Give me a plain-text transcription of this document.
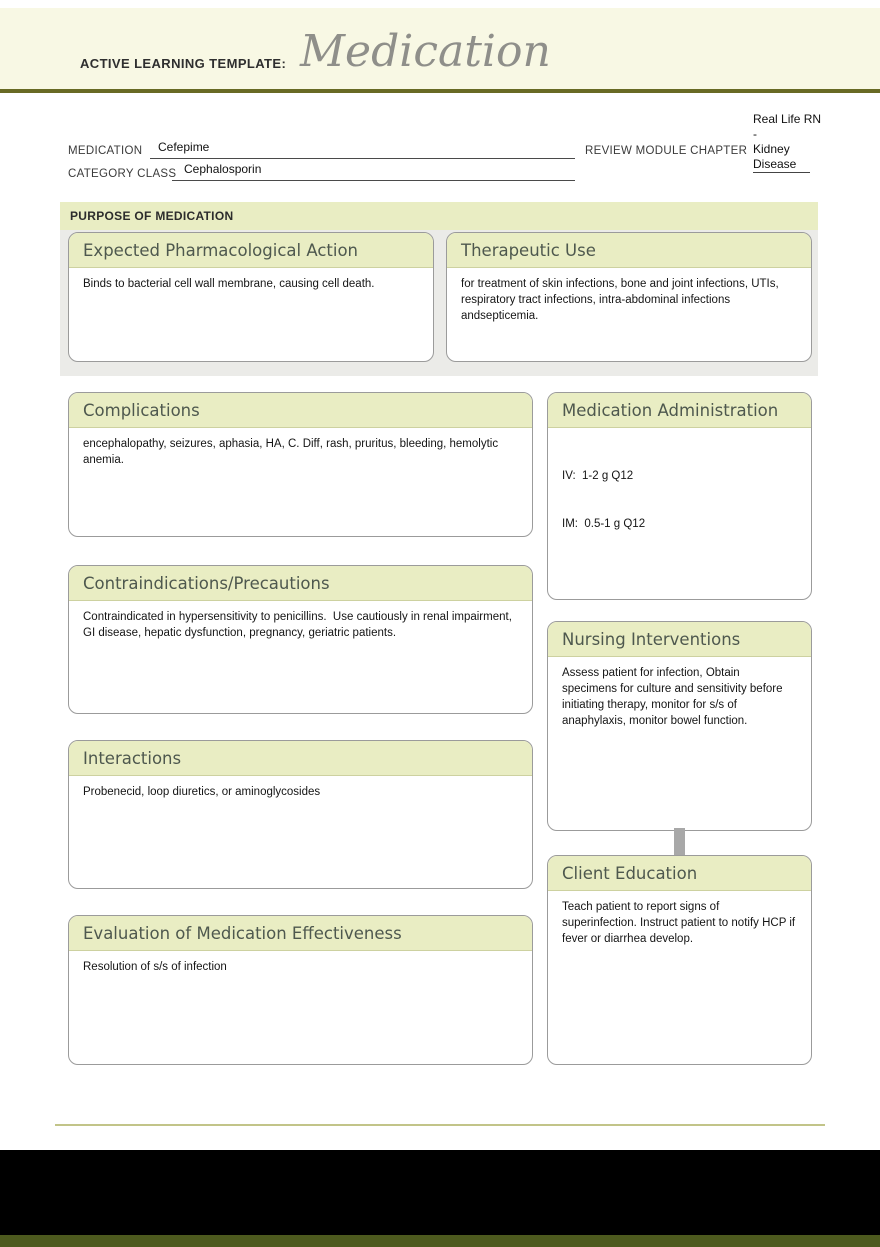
ACTIVE LEARNING TEMPLATE: Medication
Real Life RN -
Kidney
Disease
MEDICATION	Cefepime	REVIEW MODULE CHAPTER
CATEGORY CLASS Cephalosporin
PURPOSE OF MEDICATION
Expected Pharmacological Action
Binds to bacterial cell wall membrane, causing cell death.
Therapeutic Use
for treatment of skin infections, bone and joint infections, UTIs, respiratory tract infections, intra-abdominal infections andsepticemia.
Complications
encephalopathy, seizures, aphasia, HA, C. Diff, rash, pruritus, bleeding, hemolytic anemia.
Medication Administration

IV:  1-2 g Q12

IM:  0.5-1 g Q12

Contraindications/Precautions
Contraindicated in hypersensitivity to penicillins.  Use cautiously in renal impairment, GI disease, hepatic dysfunction, pregnancy, geriatric patients.	Nursing Interventions
Assess patient for infection, Obtain specimens for culture and sensitivity before initiating therapy, monitor for s/s of anaphylaxis, monitor bowel function.
Interactions
Probenecid, loop diuretics, or aminoglycosides
Client Education
Teach patient to report signs of superinfection. Instruct patient to notify HCP if fever or diarrhea develop.
Evaluation of Medication Effectiveness
Resolution of s/s of infection
